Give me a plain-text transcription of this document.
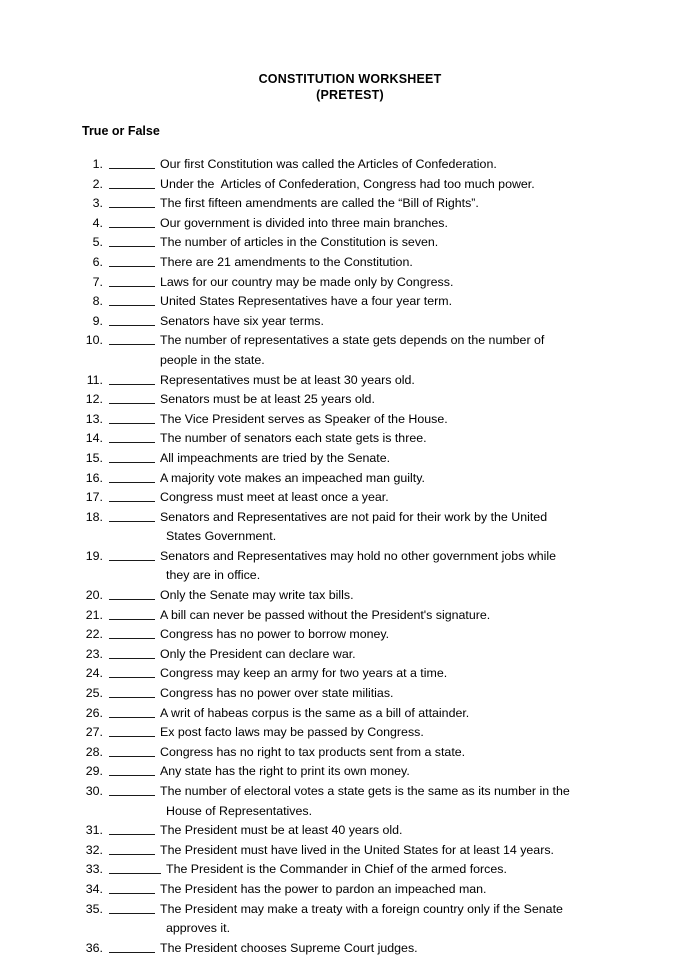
CONSTITUTION WORKSHEET
(PRETEST)
True or False
1.	Our first Constitution was called the Articles of Confederation.
2.	Under the  Articles of Confederation, Congress had too much power.
3.	The first fifteen amendments are called the “Bill of Rights”.
4.	Our government is divided into three main branches.
5.	The number of articles in the Constitution is seven.
6.	There are 21 amendments to the Constitution.
7.	Laws for our country may be made only by Congress.
8.	United States Representatives have a four year term.
9.	Senators have six year terms.
10.	The number of representatives a state gets depends on the number of
people in the state.
11.	Representatives must be at least 30 years old.
12.	Senators must be at least 25 years old.
13.	The Vice President serves as Speaker of the House.
14.	The number of senators each state gets is three.
15.	All impeachments are tried by the Senate.
16.	A majority vote makes an impeached man guilty.
17.	Congress must meet at least once a year.
18.	Senators and Representatives are not paid for their work by the United
States Government.
19.	Senators and Representatives may hold no other government jobs while
they are in office.
20.	Only the Senate may write tax bills.
21.	A bill can never be passed without the President's signature.
22.	Congress has no power to borrow money.
23.	Only the President can declare war.
24.	Congress may keep an army for two years at a time.
25.	Congress has no power over state militias.
26.	A writ of habeas corpus is the same as a bill of attainder.
27.	Ex post facto laws may be passed by Congress.
28.	Congress has no right to tax products sent from a state.
29.	Any state has the right to print its own money.
30.	The number of electoral votes a state gets is the same as its number in the
House of Representatives.
31.	The President must be at least 40 years old.
32.	The President must have lived in the United States for at least 14 years.
33.	The President is the Commander in Chief of the armed forces.
34.	The President has the power to pardon an impeached man.
35.	The President may make a treaty with a foreign country only if the Senate
approves it.
36.	The President chooses Supreme Court judges.
